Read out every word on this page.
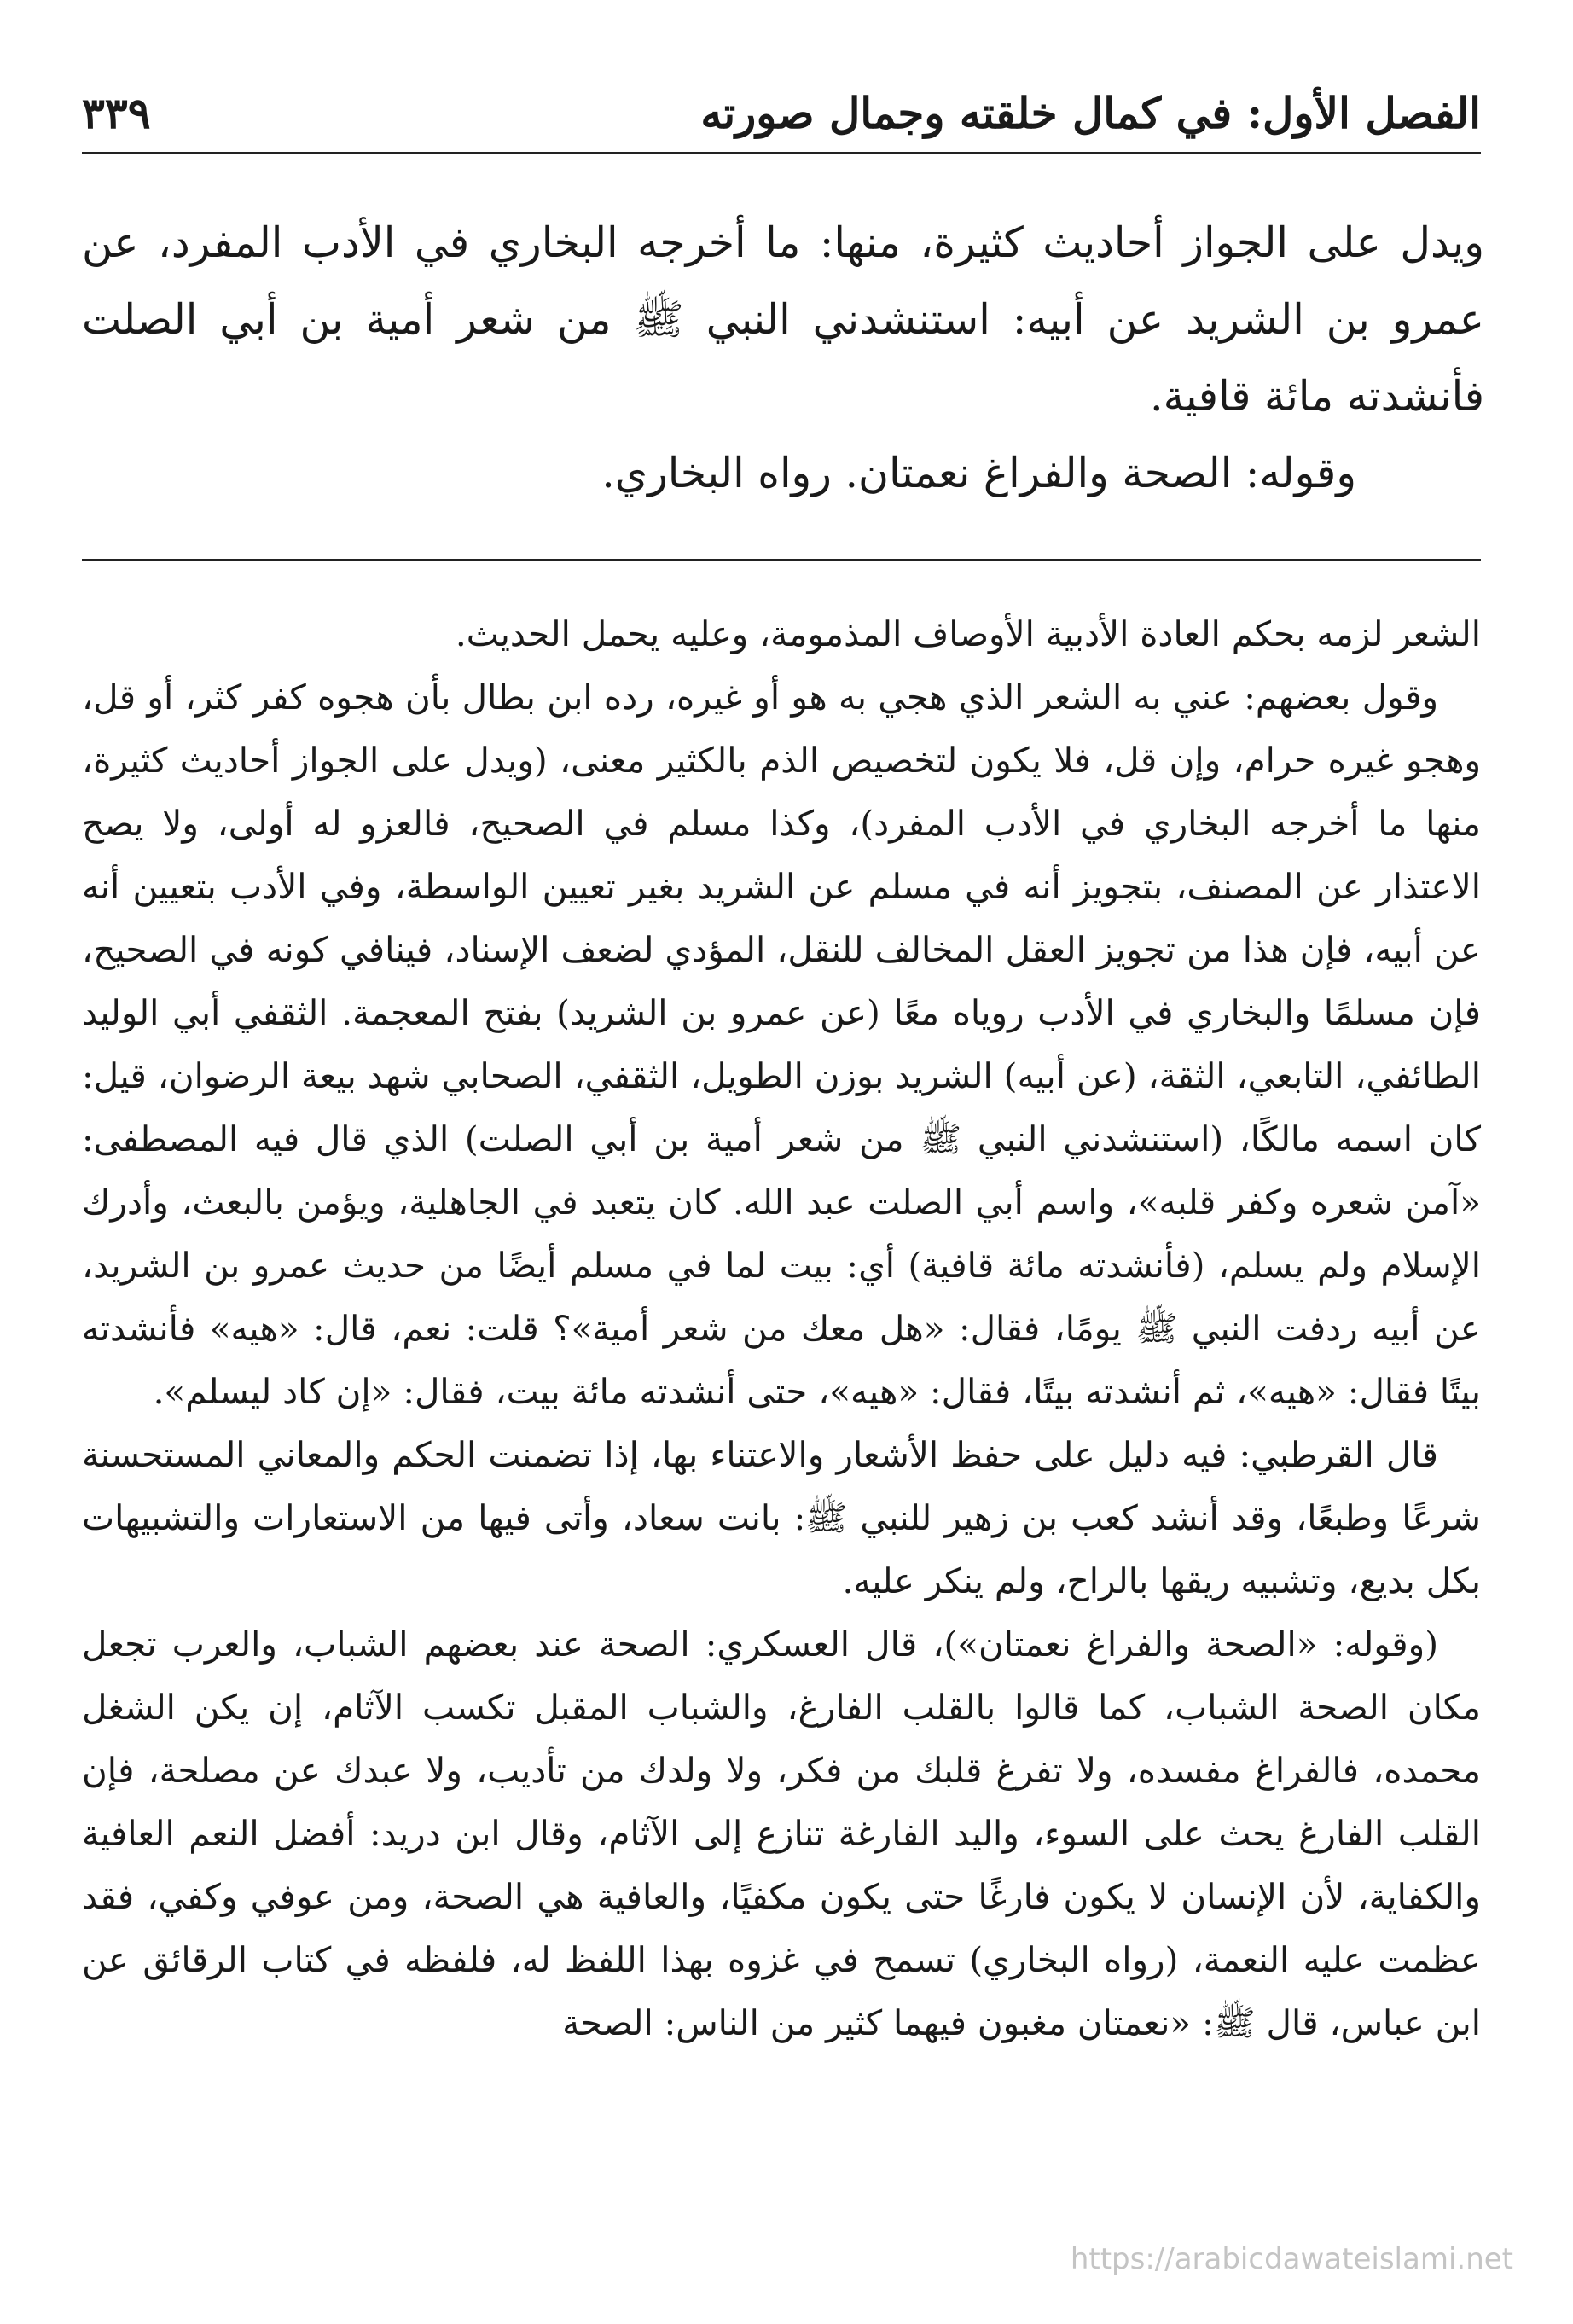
الفصل الأول: في كمال خلقته وجمال صورته
٣٣٩

ويدل على الجواز أحاديث كثيرة، منها: ما أخرجه البخاري في الأدب المفرد، عن عمرو بن الشريد عن أبيه: استنشدني النبي ﷺ من شعر أمية بن أبي الصلت فأنشدته مائة قافية.

وقوله: الصحة والفراغ نعمتان. رواه البخاري.

الشعر لزمه بحكم العادة الأدبية الأوصاف المذمومة، وعليه يحمل الحديث.

وقول بعضهم: عني به الشعر الذي هجي به هو أو غيره، رده ابن بطال بأن هجوه كفر كثر، أو قل، وهجو غيره حرام، وإن قل، فلا يكون لتخصيص الذم بالكثير معنى، (ويدل على الجواز أحاديث كثيرة، منها ما أخرجه البخاري في الأدب المفرد)، وكذا مسلم في الصحيح، فالعزو له أولى، ولا يصح الاعتذار عن المصنف، بتجويز أنه في مسلم عن الشريد بغير تعيين الواسطة، وفي الأدب بتعيين أنه عن أبيه، فإن هذا من تجويز العقل المخالف للنقل، المؤدي لضعف الإسناد، فينافي كونه في الصحيح، فإن مسلمًا والبخاري في الأدب روياه معًا (عن عمرو بن الشريد) بفتح المعجمة. الثقفي أبي الوليد الطائفي، التابعي، الثقة، (عن أبيه) الشريد بوزن الطويل، الثقفي، الصحابي شهد بيعة الرضوان، قيل: كان اسمه مالكًا، (استنشدني النبي ﷺ من شعر أمية بن أبي الصلت) الذي قال فيه المصطفى: «آمن شعره وكفر قلبه»، واسم أبي الصلت عبد الله. كان يتعبد في الجاهلية، ويؤمن بالبعث، وأدرك الإسلام ولم يسلم، (فأنشدته مائة قافية) أي: بيت لما في مسلم أيضًا من حديث عمرو بن الشريد، عن أبيه ردفت النبي ﷺ يومًا، فقال: «هل معك من شعر أمية»؟ قلت: نعم، قال: «هيه» فأنشدته بيتًا فقال: «هيه»، ثم أنشدته بيتًا، فقال: «هيه»، حتى أنشدته مائة بيت، فقال: «إن كاد ليسلم».

قال القرطبي: فيه دليل على حفظ الأشعار والاعتناء بها، إذا تضمنت الحكم والمعاني المستحسنة شرعًا وطبعًا، وقد أنشد كعب بن زهير للنبي ﷺ: بانت سعاد، وأتى فيها من الاستعارات والتشبيهات بكل بديع، وتشبيه ريقها بالراح، ولم ينكر عليه.

(وقوله: «الصحة والفراغ نعمتان»)، قال العسكري: الصحة عند بعضهم الشباب، والعرب تجعل مكان الصحة الشباب، كما قالوا بالقلب الفارغ، والشباب المقبل تكسب الآثام، إن يكن الشغل محمده، فالفراغ مفسده، ولا تفرغ قلبك من فكر، ولا ولدك من تأديب، ولا عبدك عن مصلحة، فإن القلب الفارغ يحث على السوء، واليد الفارغة تنازع إلى الآثام، وقال ابن دريد: أفضل النعم العافية والكفاية، لأن الإنسان لا يكون فارغًا حتى يكون مكفيًا، والعافية هي الصحة، ومن عوفي وكفي، فقد عظمت عليه النعمة، (رواه البخاري) تسمح في غزوه بهذا اللفظ له، فلفظه في كتاب الرقائق عن ابن عباس، قال ﷺ: «نعمتان مغبون فيهما كثير من الناس: الصحة

https://arabicdawateislami.net
